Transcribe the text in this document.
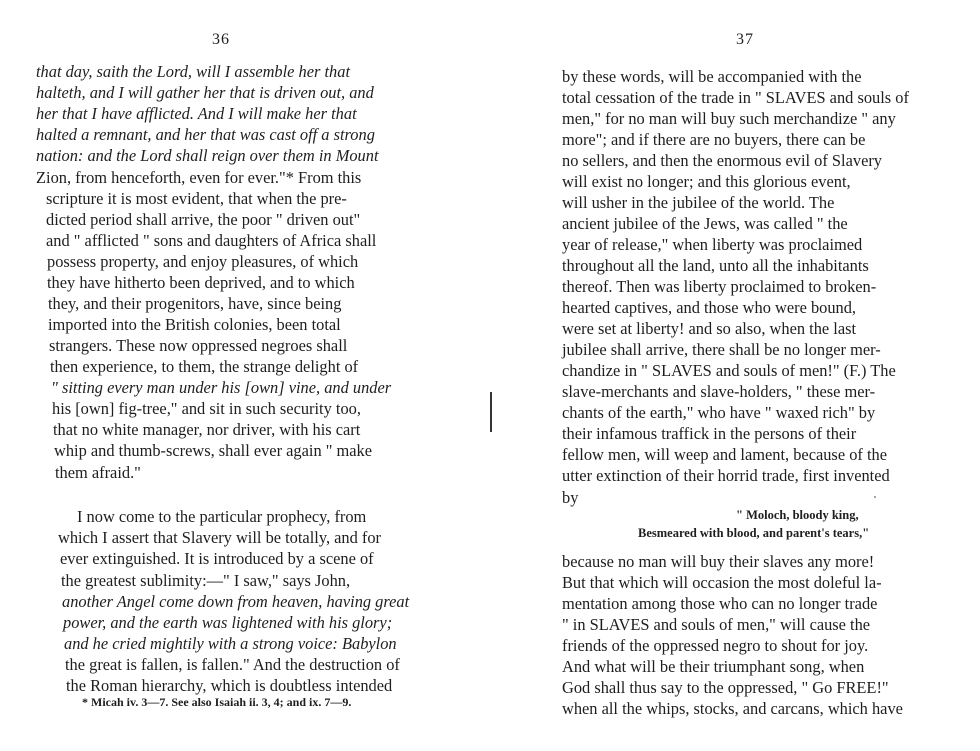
36
that day, saith the Lord, will I assemble her that
halteth, and I will gather her that is driven out, and
her that I have afflicted. And I will make her that
halted a remnant, and her that was cast off a strong
nation: and the Lord shall reign over them in Mount
Zion, from henceforth, even for ever."* From this
scripture it is most evident, that when the pre-
dicted period shall arrive, the poor " driven out"
and " afflicted " sons and daughters of Africa shall
possess property, and enjoy pleasures, of which
they have hitherto been deprived, and to which
they, and their progenitors, have, since being
imported into the British colonies, been total
strangers. These now oppressed negroes shall
then experience, to them, the strange delight of
" sitting every man under his [own] vine, and under
his [own] fig-tree," and sit in such security too,
that no white manager, nor driver, with his cart
whip and thumb-screws, shall ever again " make
them afraid."
I now come to the particular prophecy, from
which I assert that Slavery will be totally, and for
ever extinguished. It is introduced by a scene of
the greatest sublimity:—" I saw," says John,
another Angel come down from heaven, having great
power, and the earth was lightened with his glory;
and he cried mightily with a strong voice: Babylon
the great is fallen, is fallen." And the destruction of
the Roman hierarchy, which is doubtless intended
* Micah iv. 3—7. See also Isaiah ii. 3, 4; and ix. 7—9.
37
by these words, will be accompanied with the
total cessation of the trade in " SLAVES and souls of
men," for no man will buy such merchandize " any
more"; and if there are no buyers, there can be
no sellers, and then the enormous evil of Slavery
will exist no longer; and this glorious event,
will usher in the jubilee of the world. The
ancient jubilee of the Jews, was called " the
year of release," when liberty was proclaimed
throughout all the land, unto all the inhabitants
thereof. Then was liberty proclaimed to broken-
hearted captives, and those who were bound,
were set at liberty! and so also, when the last
jubilee shall arrive, there shall be no longer mer-
chandize in " SLAVES and souls of men!" (F.) The
slave-merchants and slave-holders, " these mer-
chants of the earth," who have " waxed rich" by
their infamous traffick in the persons of their
fellow men, will weep and lament, because of the
utter extinction of their horrid trade, first invented
by
" Moloch, bloody king,
Besmeared with blood, and parent's tears,"
because no man will buy their slaves any more!
But that which will occasion the most doleful la-
mentation among those who can no longer trade
" in SLAVES and souls of men," will cause the
friends of the oppressed negro to shout for joy.
And what will be their triumphant song, when
God shall thus say to the oppressed, " Go FREE!"
when all the whips, stocks, and carcans, which have
